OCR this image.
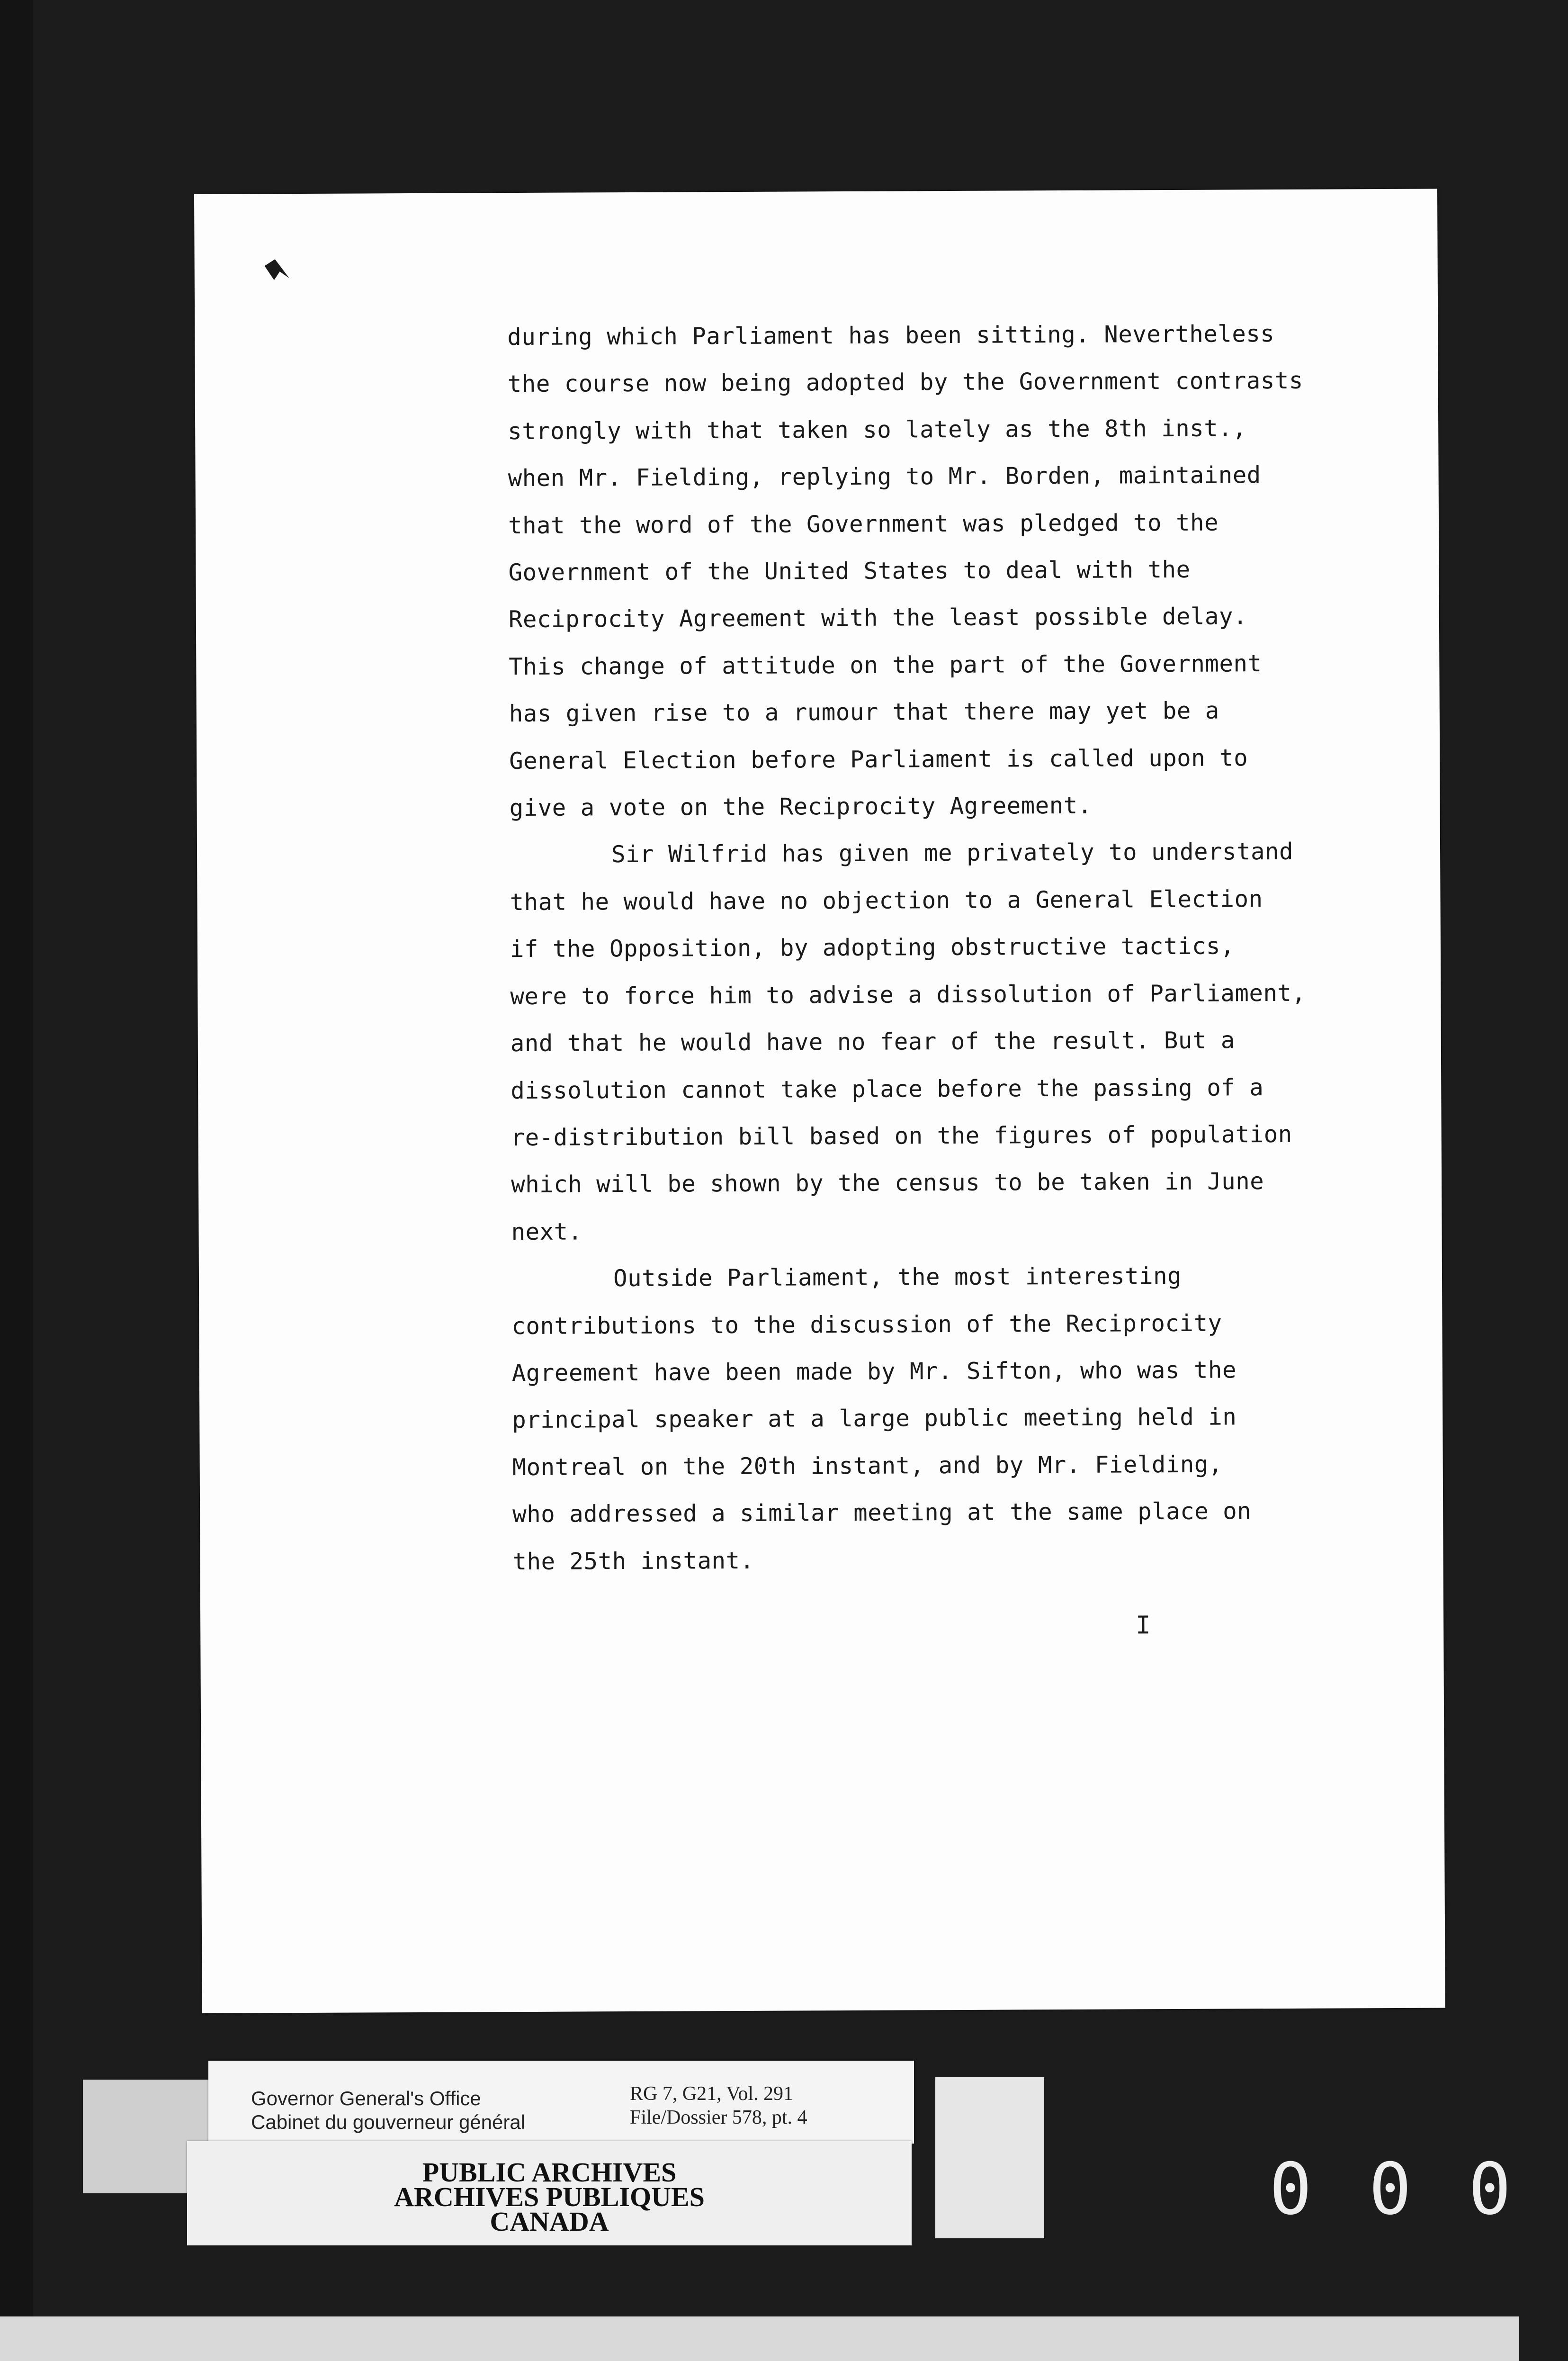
during which Parliament has been sitting. Nevertheless

the course now being adopted by the Government contrasts

strongly with that taken so lately as the 8th inst.,

when Mr. Fielding, replying to Mr. Borden, maintained

that the word of the Government was pledged to the

Government of the United States to deal with the

Reciprocity Agreement with the least possible delay.

This change of attitude on the part of the Government

has given rise to a rumour that there may yet be a

General Election before Parliament is called upon to

give a vote on the Reciprocity Agreement.

Sir Wilfrid has given me privately to understand

that he would have no objection to a General Election

if the Opposition, by adopting obstructive tactics,

were to force him to advise a dissolution of Parliament,

and that he would have no fear of the result. But a

dissolution cannot take place before the passing of a

re-distribution bill based on the figures of population

which will be shown by the census to be taken in June

next.

Outside Parliament, the most interesting

contributions to the discussion of the Reciprocity

Agreement have been made by Mr. Sifton, who was the

principal speaker at a large public meeting held in

Montreal on the 20th instant, and by Mr. Fielding,

who addressed a similar meeting at the same place on

the 25th instant.

I
Governor General's Office
Cabinet du gouverneur général
RG 7, G21, Vol. 291
File/Dossier 578, pt. 4
PUBLIC ARCHIVES
ARCHIVES PUBLIQUES
CANADA	000
